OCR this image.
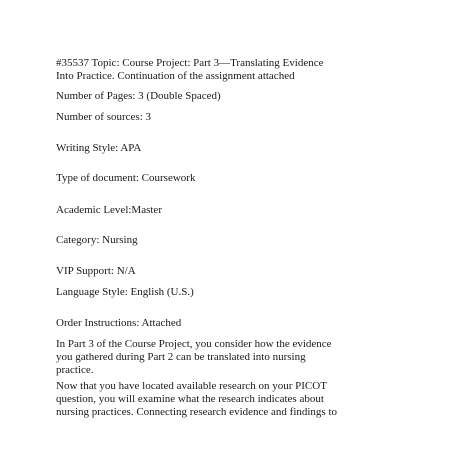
#35537 Topic: Course Project: Part 3—Translating Evidence

Into Practice. Continuation of the assignment attached

Number of Pages: 3 (Double Spaced)

Number of sources: 3

Writing Style: APA

Type of document: Coursework

Academic Level:Master

Category: Nursing

VIP Support: N/A

Language Style: English (U.S.)

Order Instructions: Attached

In Part 3 of the Course Project, you consider how the evidence
you gathered during Part 2 can be translated into nursing
practice.
Now that you have located available research on your PICOT
question, you will examine what the research indicates about
nursing practices. Connecting research evidence and findings to
